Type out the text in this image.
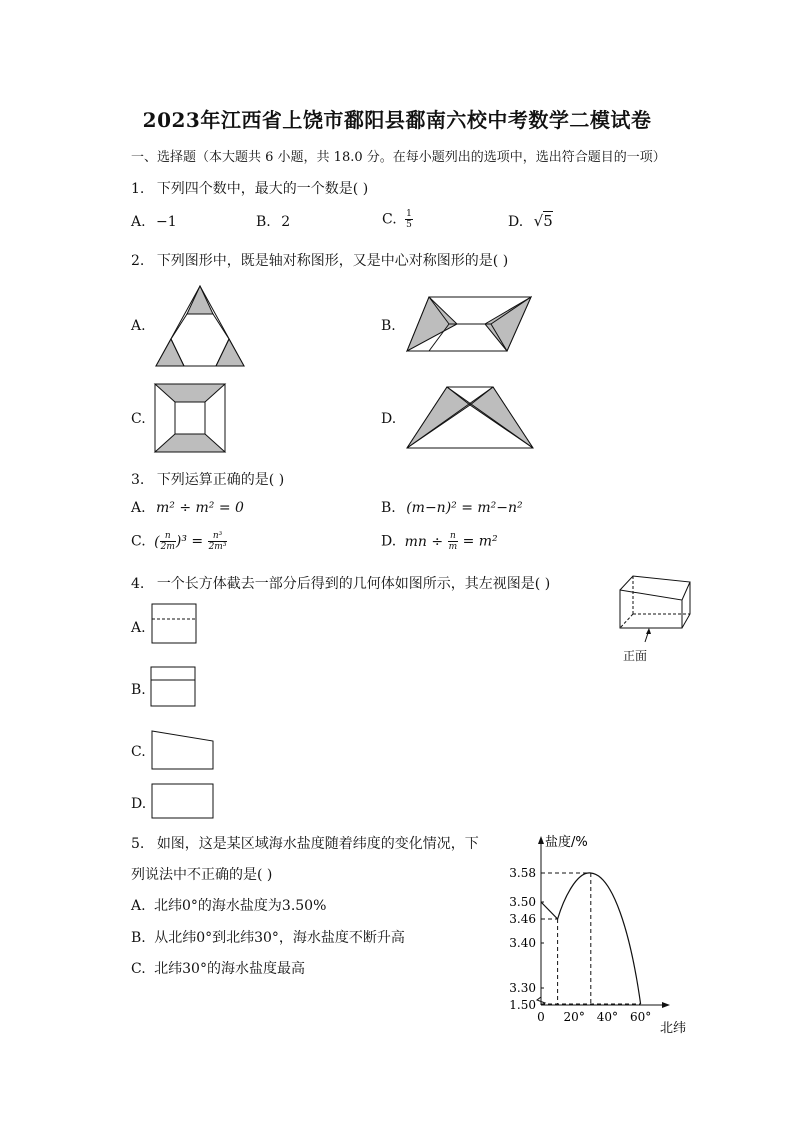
2023年江西省上饶市鄱阳县鄱南六校中考数学二模试卷
一、选择题（本大题共 6 小题，共 18.0 分。在每小题列出的选项中，选出符合题目的一项）
1. 下列四个数中，最大的一个数是( )
A. −1	B. 2	C. $\frac{1}{5}$	D. √5
2. 下列图形中，既是轴对称图形，又是中心对称图形的是( )
A.	B.
C.	D.
3. 下列运算正确的是( )
A. m² ÷ m² = 0	B. (m−n)² = m²−n²
C. ( $\frac{n}{2m} )^3 = \frac{\text{n³}}{\text{2m³}}$	D. mn ÷ $\frac{n}{m} = m^2$
4. 一个长方体截去一部分后得到的几何体如图所示，其左视图是( )
正面
A.
B.
C.
D.
5. 如图，这是某区域海水盐度随着纬度的变化情况，下
列说法中不正确的是( )
A. 北纬0°的海水盐度为3.50%
B. 从北纬0°到北纬30°，海水盐度不断升高
C. 北纬30°的海水盐度最高
盐度/%
北纬
3.58
3.50
3.46
3.40
3.30
1.50
0 20° 40° 60°
